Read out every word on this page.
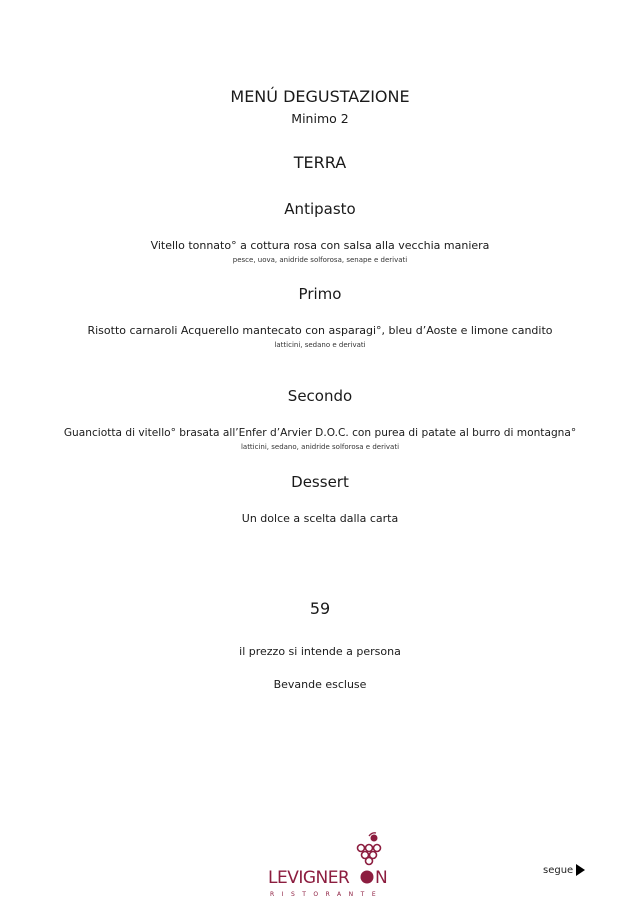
MENÚ DEGUSTAZIONE
Minimo 2
TERRA
Antipasto
Vitello tonnato° a cottura rosa con salsa alla vecchia maniera
pesce, uova, anidride solforosa, senape e derivati
Primo
Risotto carnaroli Acquerello mantecato con asparagi°, bleu d’Aoste e limone candito
latticini, sedano e derivati
Secondo
Guanciotta di vitello° brasata all’Enfer d’Arvier D.O.C. con purea di patate al burro di montagna°
latticini, sedano, anidride solforosa e derivati
Dessert
Un dolce a scelta dalla carta
59
il prezzo si intende a persona
Bevande escluse
LEVIGNER N
RISTORANTE
segue
